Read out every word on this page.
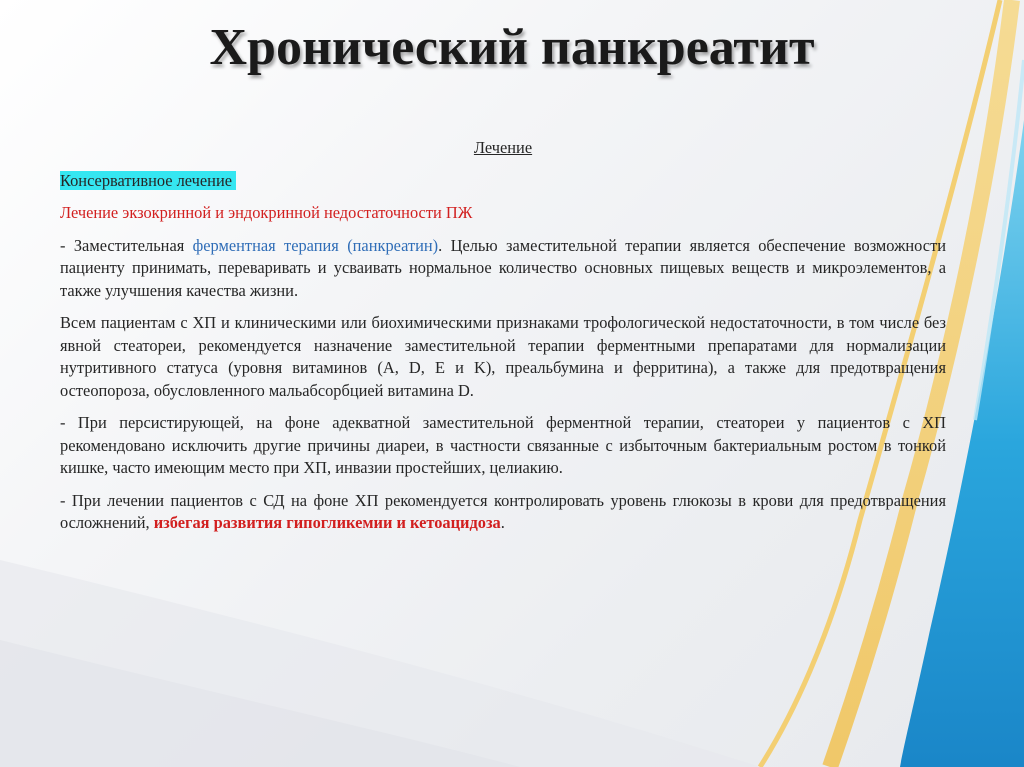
Хронический панкреатит

Лечение

Консервативное лечение

Лечение экзокринной и эндокринной недостаточности ПЖ

- Заместительная ферментная терапия (панкреатин). Целью заместительной терапии является обеспечение возможности пациенту принимать, переваривать и усваивать нормальное количество основных пищевых веществ и микроэлементов, а также улучшения качества жизни.

Всем пациентам с ХП и клиническими или биохимическими признаками трофологической недостаточности, в том числе без явной стеатореи, рекомендуется назначение заместительной терапии ферментными препаратами для нормализации нутритивного статуса (уровня витаминов (A, D, E и K), преальбумина и ферритина), а также для предотвращения остеопороза, обусловленного мальабсорбцией витамина D.

- При персистирующей, на фоне адекватной заместительной ферментной терапии, стеатореи у пациентов с ХП рекомендовано исключить другие причины диареи, в частности связанные с избыточным бактериальным ростом в тонкой кишке, часто имеющим место при ХП, инвазии простейших, целиакию.

- При лечении пациентов с СД на фоне ХП рекомендуется контролировать уровень глюкозы в крови для предотвращения осложнений, избегая развития гипогликемии и кетоацидоза.
